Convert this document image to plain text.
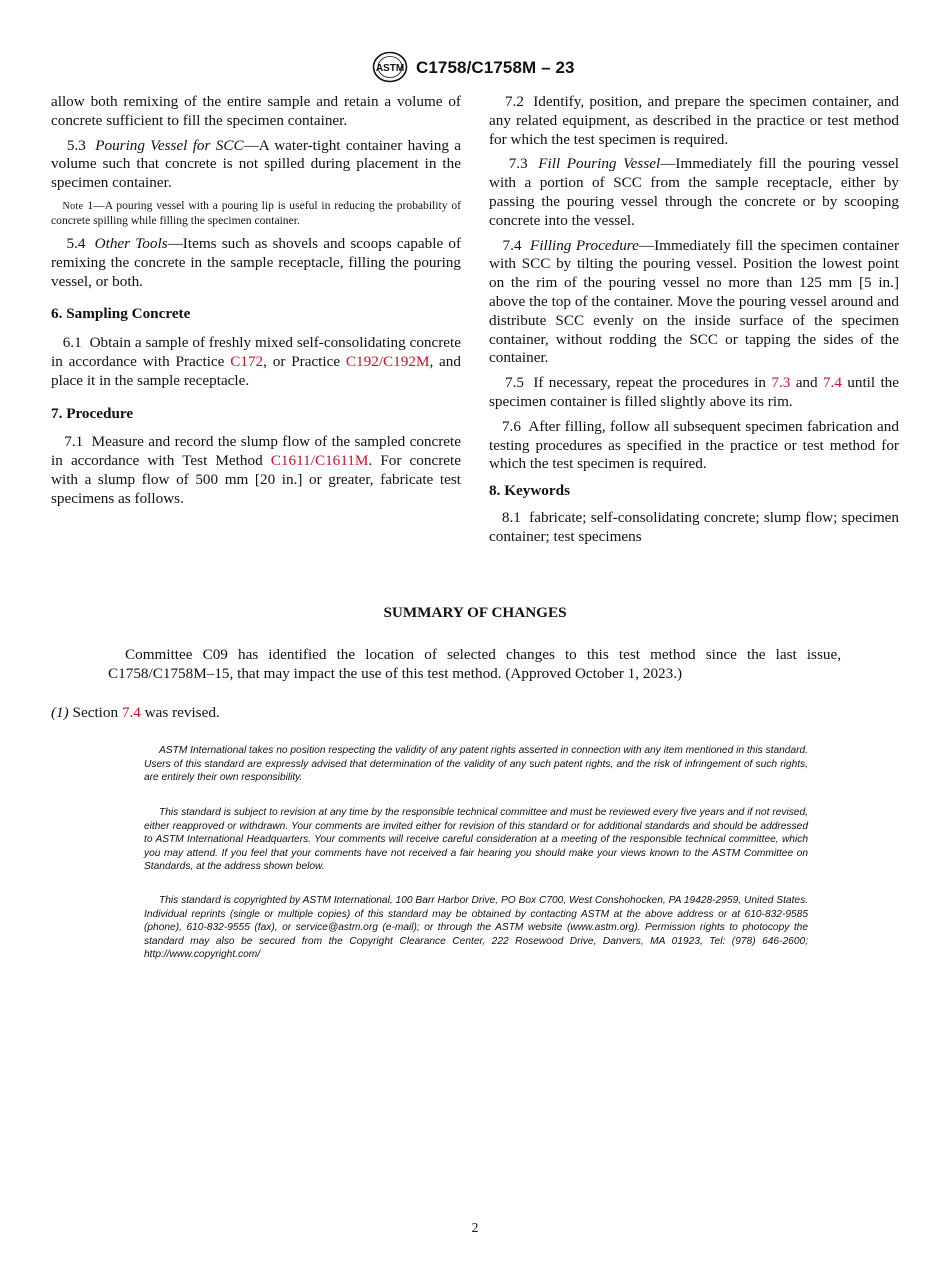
ASTM C1758/C1758M – 23

allow both remixing of the entire sample and retain a volume of concrete sufficient to fill the specimen container.

5.3 Pouring Vessel for SCC—A water-tight container having a volume such that concrete is not spilled during placement in the specimen container.

Note 1—A pouring vessel with a pouring lip is useful in reducing the probability of concrete spilling while filling the specimen container.

5.4 Other Tools—Items such as shovels and scoops capable of remixing the concrete in the sample receptacle, filling the pouring vessel, or both.

6. Sampling Concrete

6.1 Obtain a sample of freshly mixed self-consolidating concrete in accordance with Practice C172, or Practice C192/C192M, and place it in the sample receptacle.

7. Procedure

7.1 Measure and record the slump flow of the sampled concrete in accordance with Test Method C1611/C1611M. For concrete with a slump flow of 500 mm [20 in.] or greater, fabricate test specimens as follows.

7.2 Identify, position, and prepare the specimen container, and any related equipment, as described in the practice or test method for which the test specimen is required.

7.3 Fill Pouring Vessel—Immediately fill the pouring vessel with a portion of SCC from the sample receptacle, either by passing the pouring vessel through the concrete or by scooping concrete into the vessel.

7.4 Filling Procedure—Immediately fill the specimen container with SCC by tilting the pouring vessel. Position the lowest point on the rim of the pouring vessel no more than 125 mm [5 in.] above the top of the container. Move the pouring vessel around and distribute SCC evenly on the inside surface of the specimen container, without rodding the SCC or tapping the sides of the container.

7.5 If necessary, repeat the procedures in 7.3 and 7.4 until the specimen container is filled slightly above its rim.

7.6 After filling, follow all subsequent specimen fabrication and testing procedures as specified in the practice or test method for which the test specimen is required.

8. Keywords

8.1 fabricate; self-consolidating concrete; slump flow; specimen container; test specimens

SUMMARY OF CHANGES
Committee C09 has identified the location of selected changes to this test method since the last issue, C1758/C1758M–15, that may impact the use of this test method. (Approved October 1, 2023.)
(1) Section 7.4 was revised.
ASTM International takes no position respecting the validity of any patent rights asserted in connection with any item mentioned in this standard. Users of this standard are expressly advised that determination of the validity of any such patent rights, and the risk of infringement of such rights, are entirely their own responsibility.
This standard is subject to revision at any time by the responsible technical committee and must be reviewed every five years and if not revised, either reapproved or withdrawn. Your comments are invited either for revision of this standard or for additional standards and should be addressed to ASTM International Headquarters. Your comments will receive careful consideration at a meeting of the responsible technical committee, which you may attend. If you feel that your comments have not received a fair hearing you should make your views known to the ASTM Committee on Standards, at the address shown below.
This standard is copyrighted by ASTM International, 100 Barr Harbor Drive, PO Box C700, West Conshohocken, PA 19428-2959, United States. Individual reprints (single or multiple copies) of this standard may be obtained by contacting ASTM at the above address or at 610-832-9585 (phone), 610-832-9555 (fax), or service@astm.org (e-mail); or through the ASTM website (www.astm.org). Permission rights to photocopy the standard may also be secured from the Copyright Clearance Center, 222 Rosewood Drive, Danvers, MA 01923, Tel: (978) 646-2600; http://www.copyright.com/
2
